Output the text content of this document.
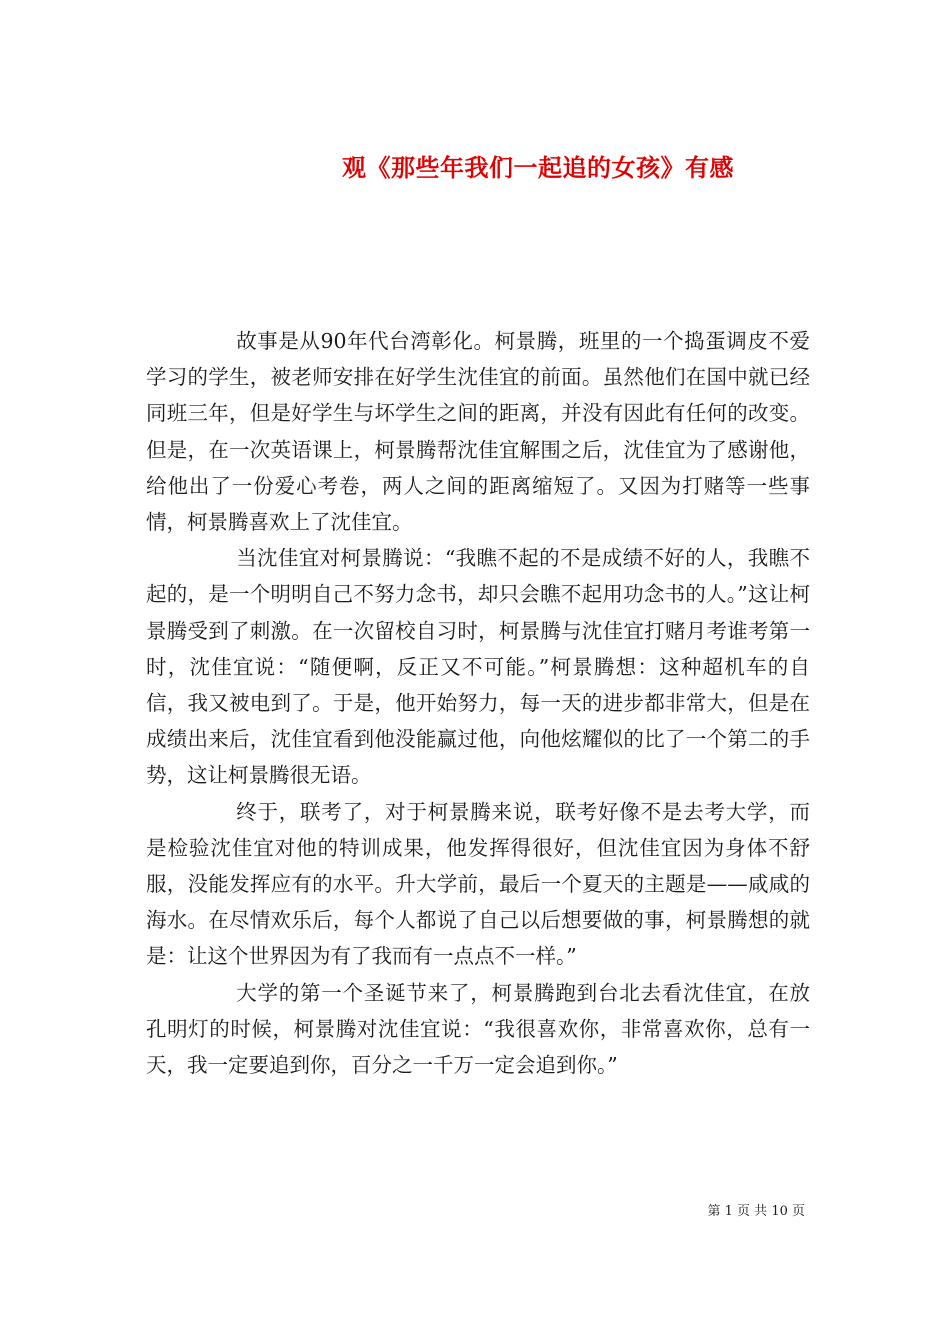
观《那些年我们一起追的女孩》有感

故事是从90年代台湾彰化。柯景腾，班里的一个捣蛋调皮不爱学习的学生，被老师安排在好学生沈佳宜的前面。虽然他们在国中就已经同班三年，但是好学生与坏学生之间的距离，并没有因此有任何的改变。但是，在一次英语课上，柯景腾帮沈佳宜解围之后，沈佳宜为了感谢他，给他出了一份爱心考卷，两人之间的距离缩短了。又因为打赌等一些事情，柯景腾喜欢上了沈佳宜。

当沈佳宜对柯景腾说：“我瞧不起的不是成绩不好的人，我瞧不起的，是一个明明自己不努力念书，却只会瞧不起用功念书的人。”这让柯景腾受到了刺激。在一次留校自习时，柯景腾与沈佳宜打赌月考谁考第一时，沈佳宜说：“随便啊，反正又不可能。”柯景腾想：这种超机车的自信，我又被电到了。于是，他开始努力，每一天的进步都非常大，但是在成绩出来后，沈佳宜看到他没能赢过他，向他炫耀似的比了一个第二的手势，这让柯景腾很无语。

终于，联考了，对于柯景腾来说，联考好像不是去考大学，而是检验沈佳宜对他的特训成果，他发挥得很好，但沈佳宜因为身体不舒服，没能发挥应有的水平。升大学前，最后一个夏天的主题是——咸咸的海水。在尽情欢乐后，每个人都说了自己以后想要做的事，柯景腾想的就是：让这个世界因为有了我而有一点点不一样。”

大学的第一个圣诞节来了，柯景腾跑到台北去看沈佳宜，在放孔明灯的时候，柯景腾对沈佳宜说：“我很喜欢你，非常喜欢你，总有一天，我一定要追到你，百分之一千万一定会追到你。”

第 1 页 共 10 页
